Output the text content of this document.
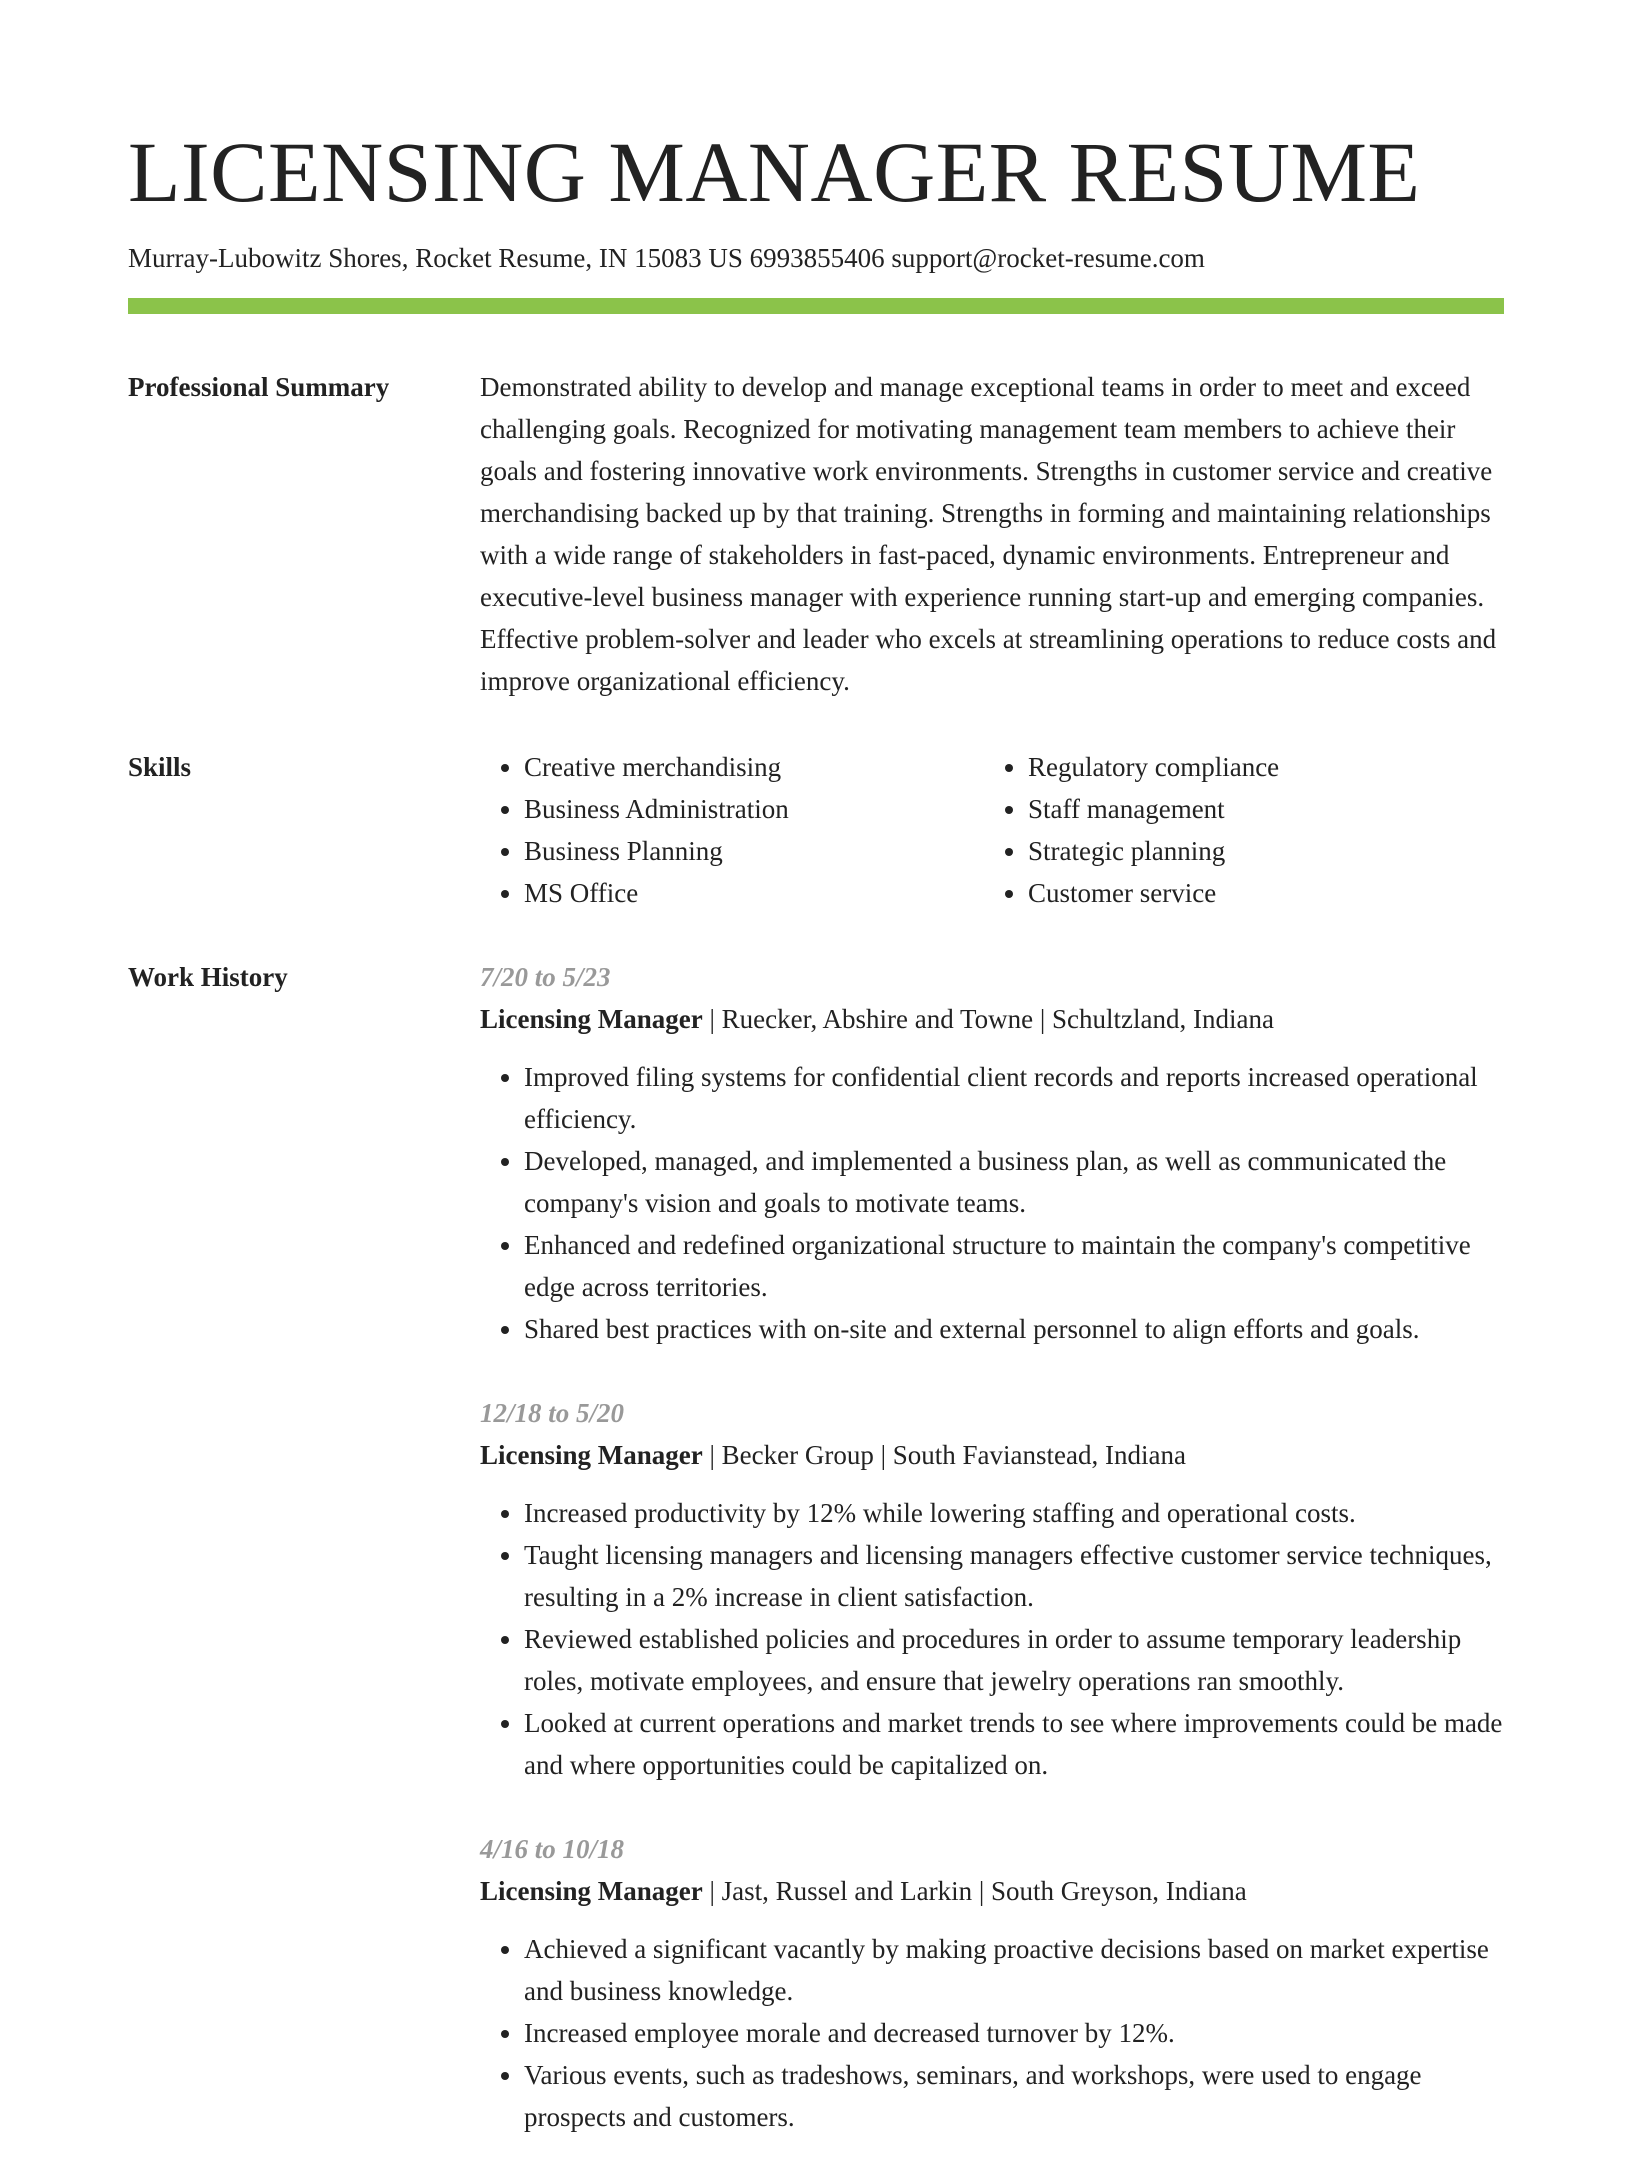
LICENSING MANAGER RESUME
Murray-Lubowitz Shores, Rocket Resume, IN 15083 US 6993855406 support@rocket-resume.com
Professional Summary	Demonstrated ability to develop and manage exceptional teams in order to meet and exceed challenging goals. Recognized for motivating management team members to achieve their goals and fostering innovative work environments. Strengths in customer service and creative merchandising backed up by that training. Strengths in forming and maintaining relationships with a wide range of stakeholders in fast-paced, dynamic environments. Entrepreneur and executive-level business manager with experience running start-up and emerging companies. Effective problem-solver and leader who excels at streamlining operations to reduce costs and improve organizational efficiency.

Skills
•	Creative merchandising
• Business Administration
• Business Planning
• MS Office
• Regulatory compliance
• Staff management
• Strategic planning
• Customer service
Work History	7/20 to 5/23
Licensing Manager | Ruecker, Abshire and Towne | Schultzland, Indiana
• Improved filing systems for confidential client records and reports increased operational efficiency.
• Developed, managed, and implemented a business plan, as well as communicated the company's vision and goals to motivate teams.
• Enhanced and redefined organizational structure to maintain the company's competitive edge across territories.
• Shared best practices with on-site and external personnel to align efforts and goals.
12/18 to 5/20
Licensing Manager | Becker Group | South Favianstead, Indiana
• Increased productivity by 12% while lowering staffing and operational costs.
• Taught licensing managers and licensing managers effective customer service techniques, resulting in a 2% increase in client satisfaction.
• Reviewed established policies and procedures in order to assume temporary leadership roles, motivate employees, and ensure that jewelry operations ran smoothly.
• Looked at current operations and market trends to see where improvements could be made and where opportunities could be capitalized on.
4/16 to 10/18
Licensing Manager | Jast, Russel and Larkin | South Greyson, Indiana
• Achieved a significant vacantly by making proactive decisions based on market expertise and business knowledge.
• Increased employee morale and decreased turnover by 12%.
• Various events, such as tradeshows, seminars, and workshops, were used to engage prospects and customers.
